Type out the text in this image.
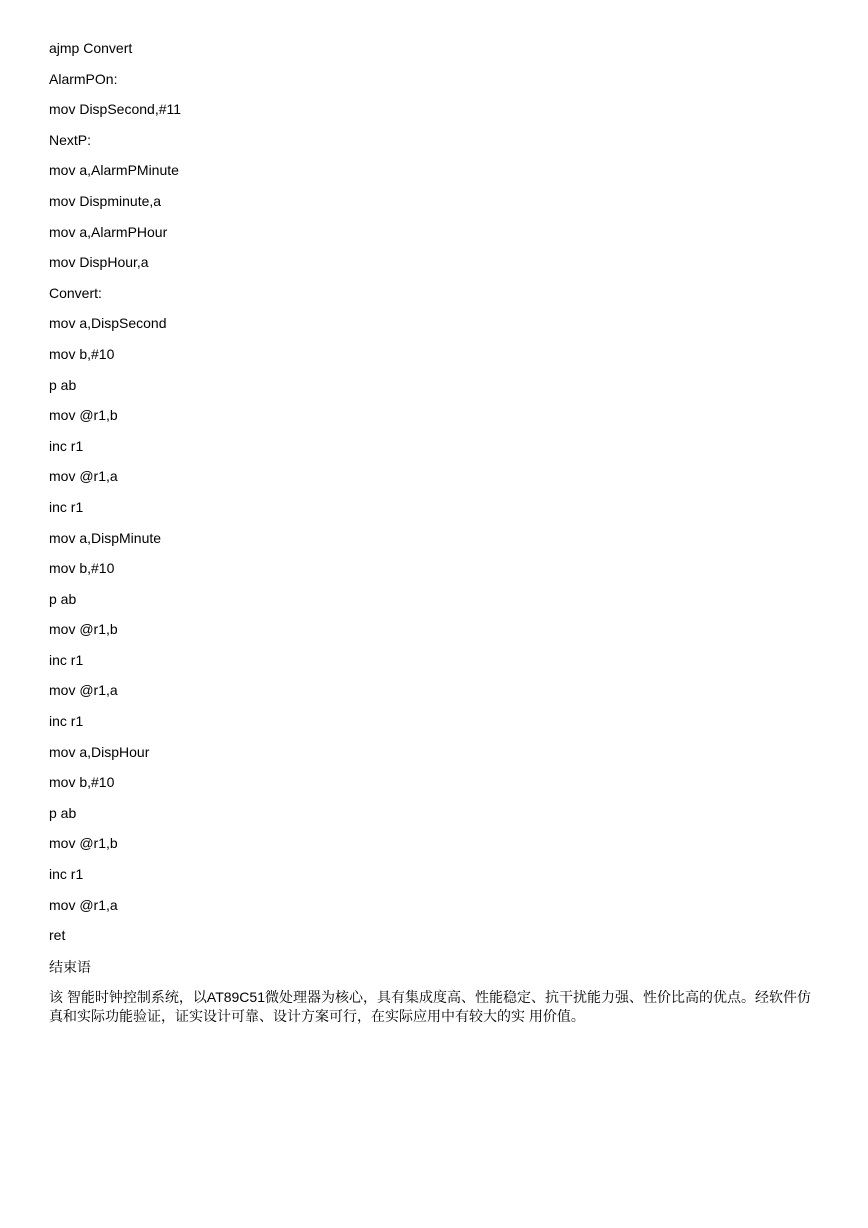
ajmp Convert
AlarmPOn:
mov DispSecond,#11
NextP:
mov a,AlarmPMinute
mov Dispminute,a
mov a,AlarmPHour
mov DispHour,a
Convert:
mov a,DispSecond
mov b,#10
p ab
mov @r1,b
inc r1
mov @r1,a
inc r1
mov a,DispMinute
mov b,#10
p ab
mov @r1,b
inc r1
mov @r1,a
inc r1
mov a,DispHour
mov b,#10
p ab
mov @r1,b
inc r1
mov @r1,a
ret
结束语

该 智能时钟控制系统，以AT89C51微处理器为核心，具有集成度高、性能稳定、抗干扰能力强、性价比高的优点。经软件仿真和实际功能验证，证实设计可靠、设计方案可行，在实际应用中有较大的实 用价值。
